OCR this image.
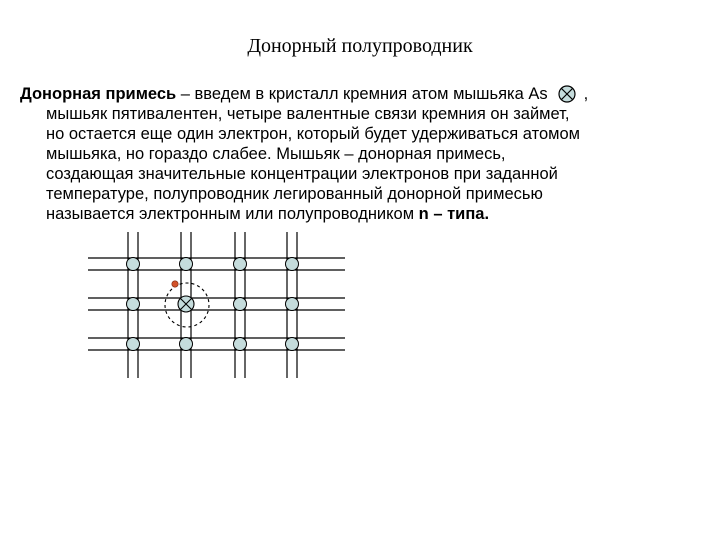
Донорный полупроводник
Донорная примесь – введем в кристалл кремния атом мышьяка As ,
мышьяк пятивалентен, четыре валентные связи кремния он займет,
но остается еще один электрон, который будет удерживаться атомом
мышьяка, но гораздо слабее. Мышьяк – донорная примесь,
создающая значительные концентрации электронов при заданной
температуре, полупроводник легированный донорной примесью
называется электронным или полупроводником n – типа.
